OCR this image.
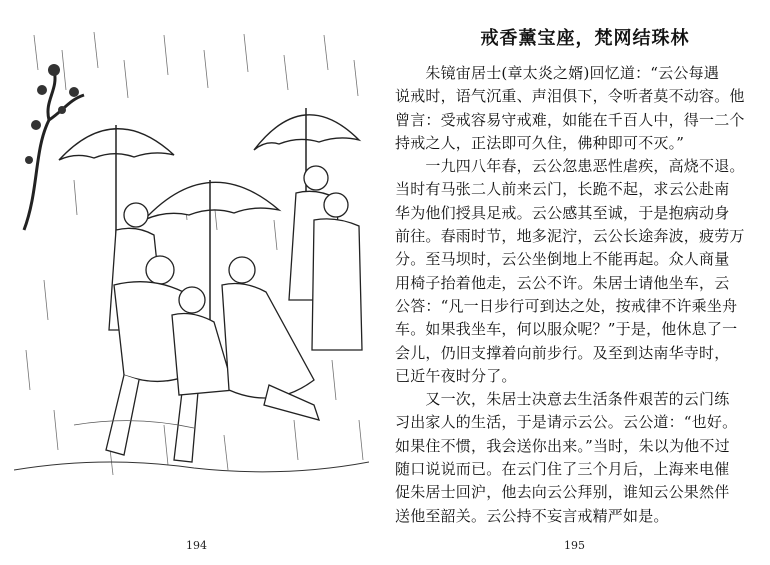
194
戒香薰宝座，梵网结珠林
　　朱镜宙居士(章太炎之婿)回忆道：“云公每遇
说戒时，语气沉重、声泪俱下，令听者莫不动容。他
曾言：受戒容易守戒难，如能在千百人中，得一二个
持戒之人，正法即可久住，佛种即可不灭。”
　　一九四八年春，云公忽患恶性虐疾，高烧不退。
当时有马张二人前来云门，长跪不起，求云公赴南
华为他们授具足戒。云公感其至诚，于是抱病动身
前往。春雨时节，地多泥泞，云公长途奔波，疲劳万
分。至马坝时，云公坐倒地上不能再起。众人商量
用椅子抬着他走，云公不许。朱居士请他坐车，云
公答：“凡一日步行可到达之处，按戒律不许乘坐舟
车。如果我坐车，何以服众呢？”于是，他休息了一
会儿，仍旧支撑着向前步行。及至到达南华寺时，
已近午夜时分了。
　　又一次，朱居士决意去生活条件艰苦的云门练
习出家人的生活，于是请示云公。云公道：“也好。
如果住不惯，我会送你出来。”当时，朱以为他不过
随口说说而已。在云门住了三个月后，上海来电催
促朱居士回沪，他去向云公拜别，谁知云公果然伴
送他至韶关。云公持不妄言戒精严如是。
195
